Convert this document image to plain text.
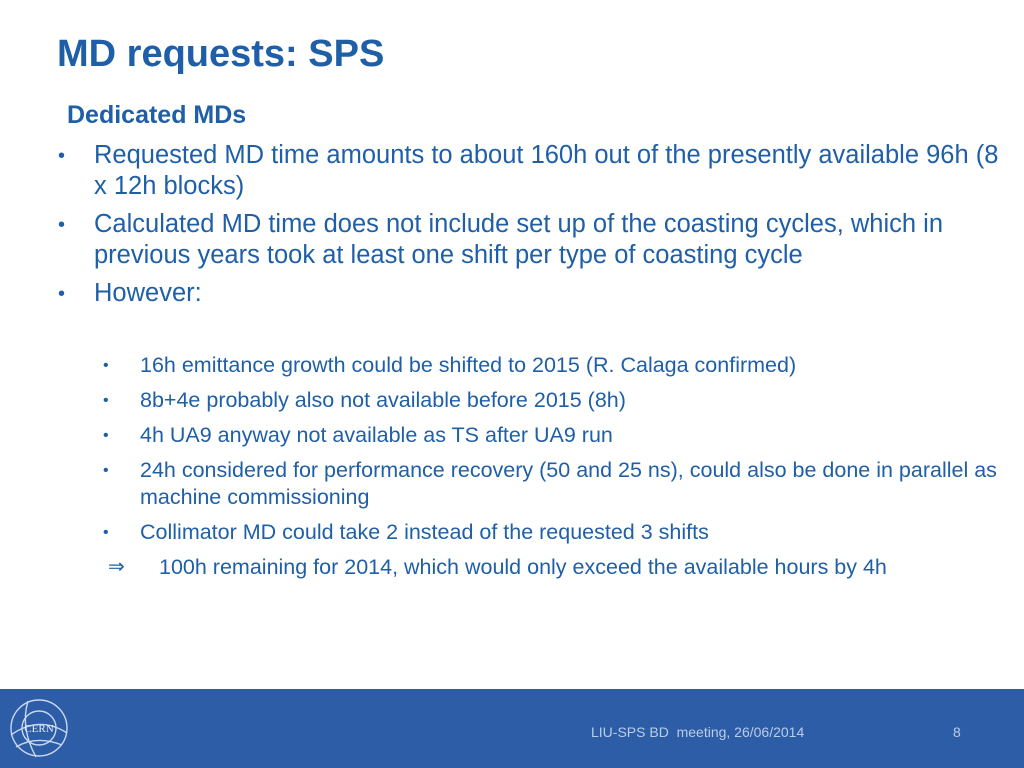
MD requests: SPS
Dedicated MDs
•	Requested MD time amounts to about 160h out of the presently available 96h (8 x 12h blocks)
•	Calculated MD time does not include set up of the coasting cycles, which in previous years took at least one shift per type of coasting cycle
•	However:
•	16h emittance growth could be shifted to 2015 (R. Calaga confirmed)
•	8b+4e probably also not available before 2015 (8h)
•	4h UA9 anyway not available as TS after UA9 run
•	24h considered for performance recovery (50 and 25 ns), could also be done in parallel as machine commissioning
•	Collimator MD could take 2 instead of the requested 3 shifts
⇒ 100h remaining for 2014, which would only exceed the available hours by 4h
CERN	LIU-SPS BD  meeting, 26/06/2014	8
